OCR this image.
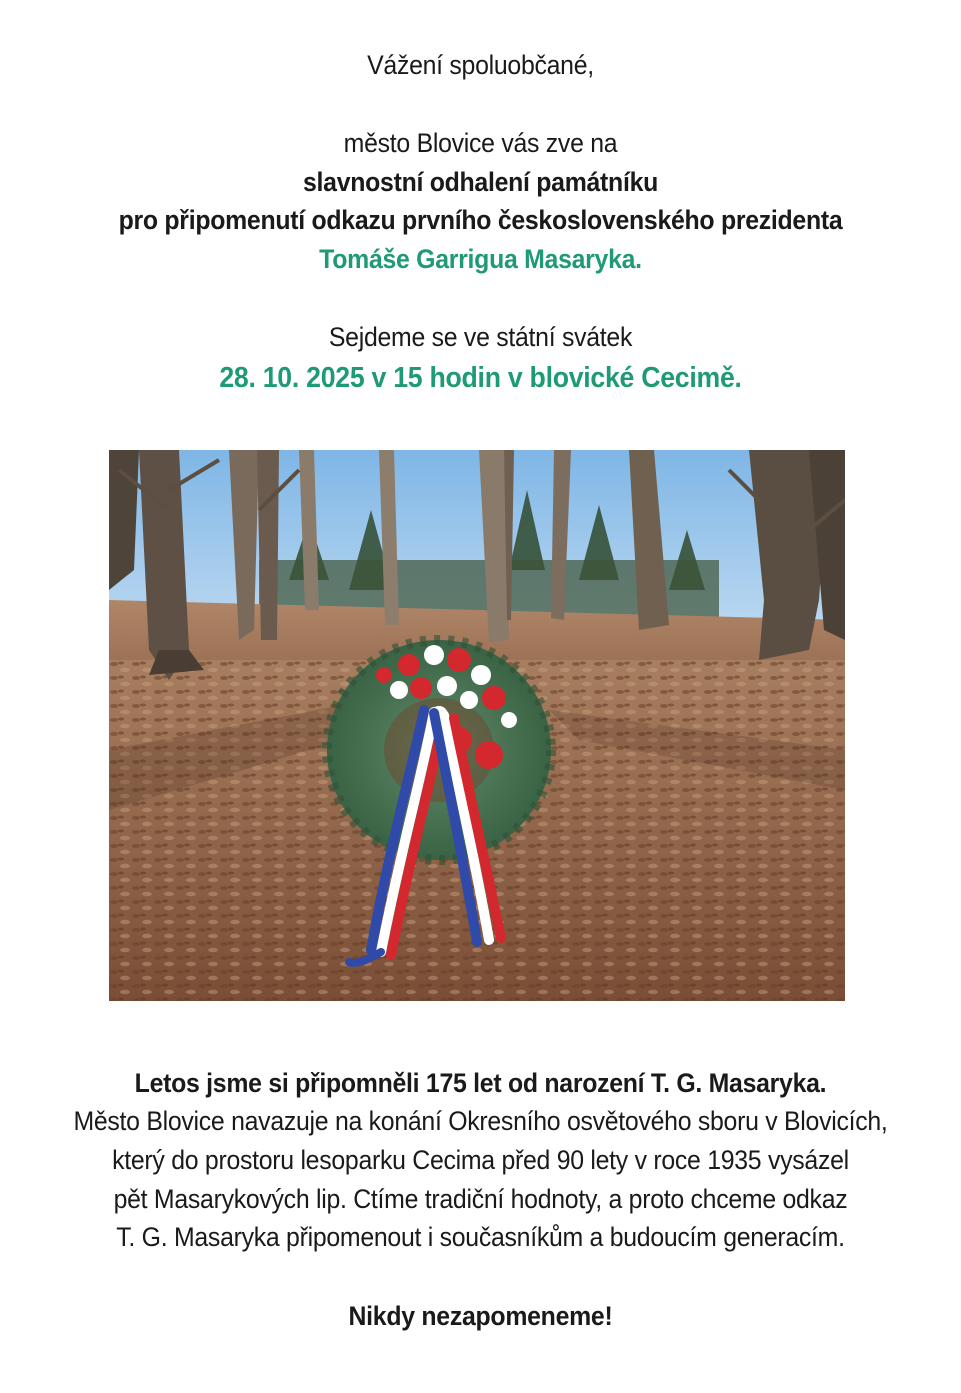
Vážení spoluobčané,
město Blovice vás zve na
slavnostní odhalení památníku
pro připomenutí odkazu prvního československého prezidenta
Tomáše Garrigua Masaryka.
Sejdeme se ve státní svátek
28. 10. 2025 v 15 hodin v blovické Cecimě.
Letos jsme si připomněli 175 let od narození T. G. Masaryka.
Město Blovice navazuje na konání Okresního osvětového sboru v Blovicích,
který do prostoru lesoparku Cecima před 90 lety v roce 1935 vysázel
pět Masarykových lip. Ctíme tradiční hodnoty, a proto chceme odkaz
T. G. Masaryka připomenout i současníkům a budoucím generacím.
Nikdy nezapomeneme!
